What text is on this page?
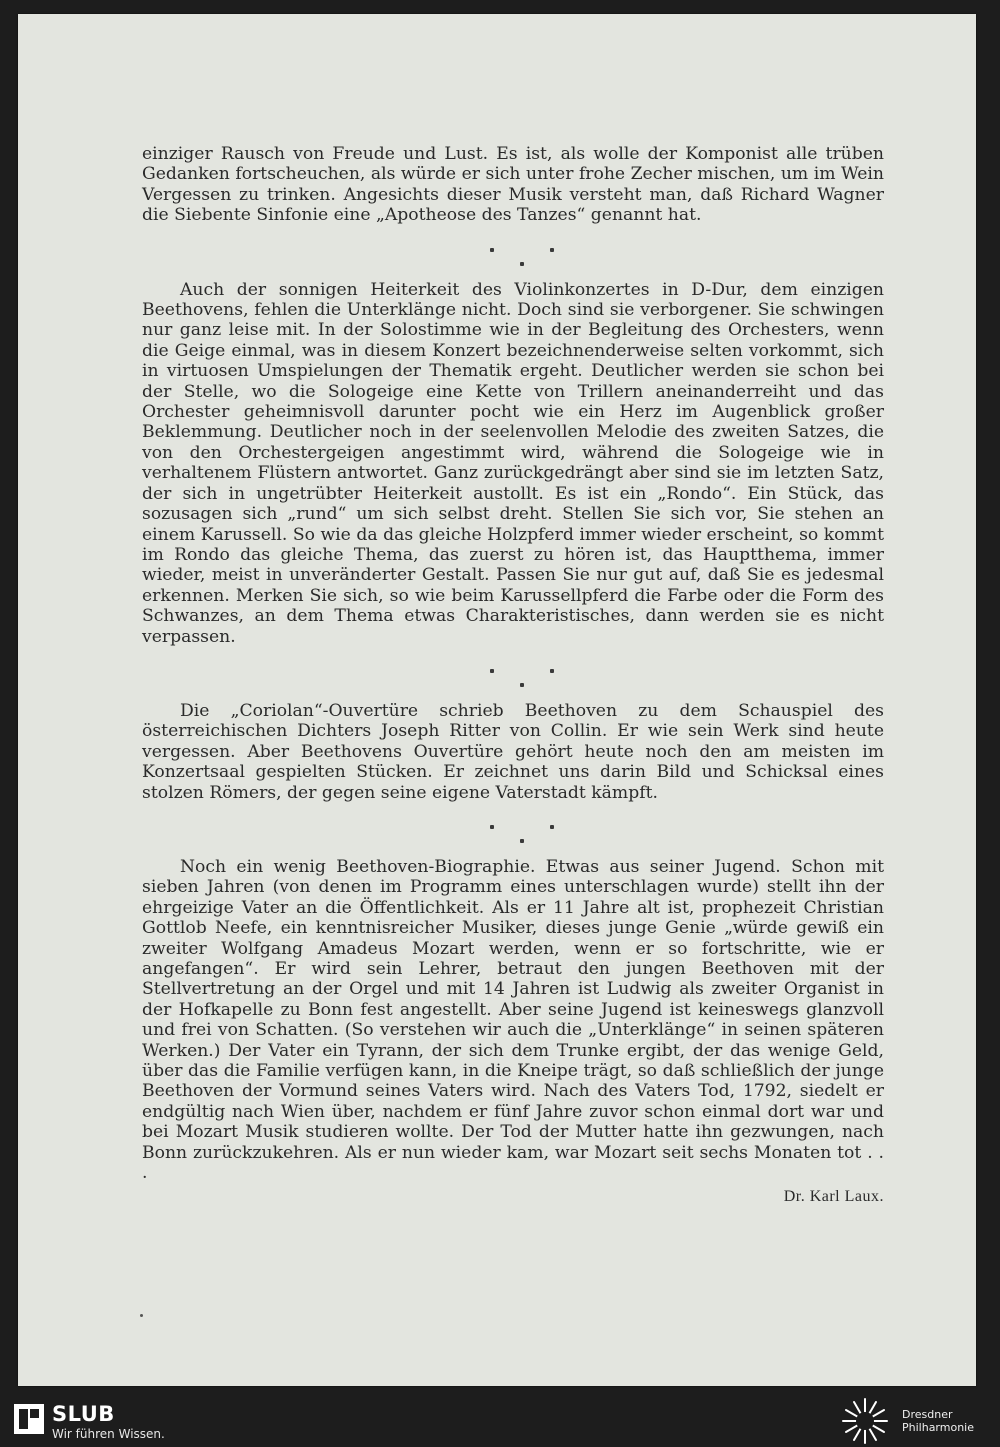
einziger Rausch von Freude und Lust. Es ist, als wolle der Komponist alle trüben Gedanken fortscheuchen, als würde er sich unter frohe Zecher mischen, um im Wein Vergessen zu trinken. Angesichts dieser Musik versteht man, daß Richard Wagner die Siebente Sinfonie eine „Apotheose des Tanzes“ genannt hat.

Auch der sonnigen Heiterkeit des Violinkonzertes in D-Dur, dem einzigen Beethovens, fehlen die Unterklänge nicht. Doch sind sie verborgener. Sie schwingen nur ganz leise mit. In der Solostimme wie in der Begleitung des Orchesters, wenn die Geige einmal, was in diesem Konzert bezeichnenderweise selten vorkommt, sich in virtuosen Umspielungen der Thematik ergeht. Deutlicher werden sie schon bei der Stelle, wo die Sologeige eine Kette von Trillern aneinanderreiht und das Orchester geheimnisvoll darunter pocht wie ein Herz im Augenblick großer Beklemmung. Deutlicher noch in der seelenvollen Melodie des zweiten Satzes, die von den Orchestergeigen angestimmt wird, während die Sologeige wie in verhaltenem Flüstern antwortet. Ganz zurückgedrängt aber sind sie im letzten Satz, der sich in ungetrübter Heiterkeit austollt. Es ist ein „Rondo“. Ein Stück, das sozusagen sich „rund“ um sich selbst dreht. Stellen Sie sich vor, Sie stehen an einem Karussell. So wie da das gleiche Holzpferd immer wieder erscheint, so kommt im Rondo das gleiche Thema, das zuerst zu hören ist, das Hauptthema, immer wieder, meist in unveränderter Gestalt. Passen Sie nur gut auf, daß Sie es jedesmal erkennen. Merken Sie sich, so wie beim Karussellpferd die Farbe oder die Form des Schwanzes, an dem Thema etwas Charakteristisches, dann werden sie es nicht verpassen.

Die „Coriolan“-Ouvertüre schrieb Beethoven zu dem Schauspiel des österreichischen Dichters Joseph Ritter von Collin. Er wie sein Werk sind heute vergessen. Aber Beethovens Ouvertüre gehört heute noch den am meisten im Konzertsaal gespielten Stücken. Er zeichnet uns darin Bild und Schicksal eines stolzen Römers, der gegen seine eigene Vaterstadt kämpft.

Noch ein wenig Beethoven-Biographie. Etwas aus seiner Jugend. Schon mit sieben Jahren (von denen im Programm eines unterschlagen wurde) stellt ihn der ehrgeizige Vater an die Öffentlichkeit. Als er 11 Jahre alt ist, prophezeit Christian Gottlob Neefe, ein kenntnisreicher Musiker, dieses junge Genie „würde gewiß ein zweiter Wolfgang Amadeus Mozart werden, wenn er so fortschritte, wie er angefangen“. Er wird sein Lehrer, betraut den jungen Beethoven mit der Stellvertretung an der Orgel und mit 14 Jahren ist Ludwig als zweiter Organist in der Hofkapelle zu Bonn fest angestellt. Aber seine Jugend ist keineswegs glanzvoll und frei von Schatten. (So verstehen wir auch die „Unterklänge“ in seinen späteren Werken.) Der Vater ein Tyrann, der sich dem Trunke ergibt, der das wenige Geld, über das die Familie verfügen kann, in die Kneipe trägt, so daß schließlich der junge Beethoven der Vormund seines Vaters wird. Nach des Vaters Tod, 1792, siedelt er endgültig nach Wien über, nachdem er fünf Jahre zuvor schon einmal dort war und bei Mozart Musik studieren wollte. Der Tod der Mutter hatte ihn gezwungen, nach Bonn zurückzukehren. Als er nun wieder kam, war Mozart seit sechs Monaten tot . . .

Dr. Karl Laux.
SLUB
Wir führen Wissen.
Dresdner
Philharmonie
